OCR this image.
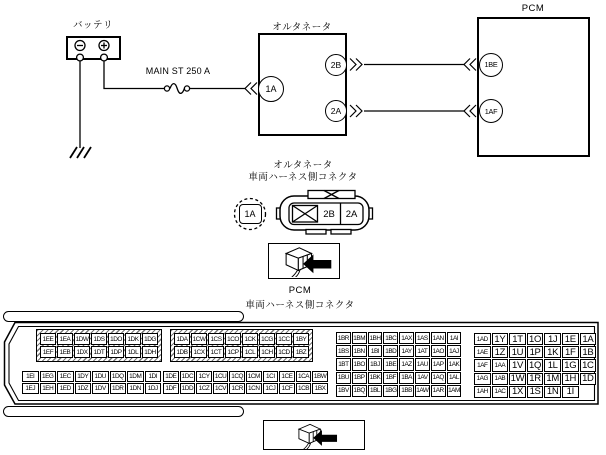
2B 2A
バッテリ
MAIN ST 250 A
オルタネータ
PCM
1A
2B
2A
1BE
1AF
オルタネータ
車両ハーネス側コネクタ
1A
PCM
車両ハーネス側コネクタ
1EE 1EA 1DW 1DS 1DO 1DK 1DG
1EF	1EB 1DX 1DT 1DP 1DL 1DH
1DA 1CW 1CS 1CO 1CK 1CG 1CC 1BY
1DB 1CX 1CT 1CP 1CL 1CH 1CD 1BZ
1BR 1BM 1BH 1BC 1AX 1AS 1AN 1AI
1BS 1BN 1BI 1BD 1AY 1AT 1AO 1AJ
1BT 1BO 1BJ 1BE 1AZ 1AU 1AP 1AK
1BU 1BP 1BK 1BF 1BA 1AV 1AQ 1AL
1BV 1BQ 1BL 1BG 1BB 1AW 1AR 1AM
1AD 1Y 1T 1O 1J 1E 1A
1AE 1Z 1U 1P 1K 1F 1B
1AF	1AA 1V 1Q 1L 1G 1C
1AG	1AB 1W 1R 1M 1H 1D
1AH	1AC 1X 1S 1N 1I
1EI	1EG 1EC	1DY 1DU 1DQ 1DM	1DI
1EJ	1EH	1ED	1DZ	1DV 1DR 1DN	1DJ
1DE 1DC 1CY 1CU 1CQ 1CM 1CI	1CE 1CA 1BW
1DF 1DD 1CZ 1CV 1CR 1CN 1CJ 1CF 1CB 1BX
